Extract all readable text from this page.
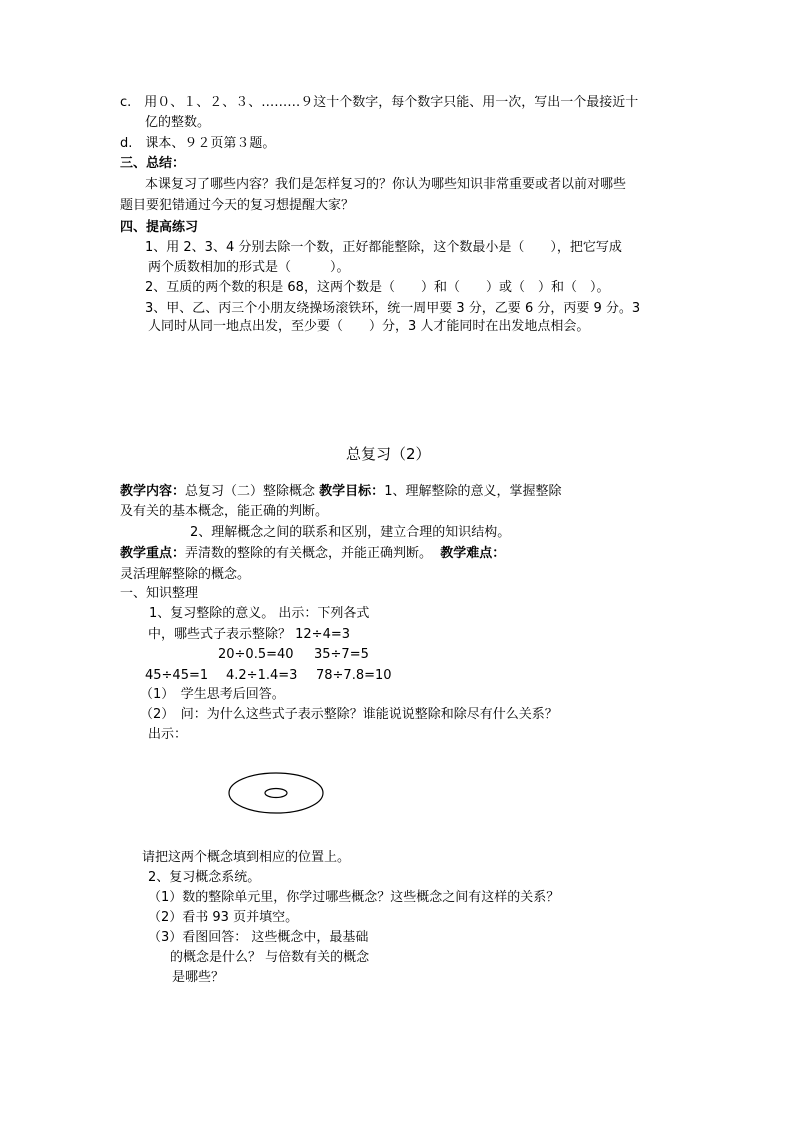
c.　用０、１、２、３、………９这十个数字，每个数字只能、用一次，写出一个最接近十
亿的整数。
d.　课本、９２页第３题。
三、总结：
本课复习了哪些内容？我们是怎样复习的？你认为哪些知识非常重要或者以前对哪些
题目要犯错通过今天的复习想提醒大家？
四、提高练习
1、用 2、3、4 分别去除一个数，正好都能整除，这个数最小是（　　），把它写成
两个质数相加的形式是（　　　）。
2、互质的两个数的积是 68，这两个数是（　　）和（　　）或（　）和（　）。
3、甲、乙、丙三个小朋友绕操场滚铁环，统一周甲要 3 分，乙要 6 分，丙要 9 分。3
人同时从同一地点出发，至少要（　　）分，3 人才能同时在出发地点相会。
总复习（2）
教学内容：总复习（二）整除概念 教学目标：1、理解整除的意义，掌握整除
及有关的基本概念，能正确的判断。
2、理解概念之间的联系和区别，建立合理的知识结构。
教学重点：弄清数的整除的有关概念，并能正确判断。 教学难点：
灵活理解整除的概念。
一、知识整理
1、复习整除的意义。 出示：下列各式
中，哪些式子表示整除？ 12÷4=3
20÷0.5=40 35÷7=5
45÷45=1 4.2÷1.4=3 78÷7.8=10
（1）　学生思考后回答。
（2）　问：为什么这些式子表示整除？谁能说说整除和除尽有什么关系？
出示：
请把这两个概念填到相应的位置上。
2、复习概念系统。
（1）数的整除单元里，你学过哪些概念？这些概念之间有这样的关系？
（2）看书 93 页并填空。
（3）看图回答： 这些概念中，最基础
的概念是什么？ 与倍数有关的概念
是哪些？
